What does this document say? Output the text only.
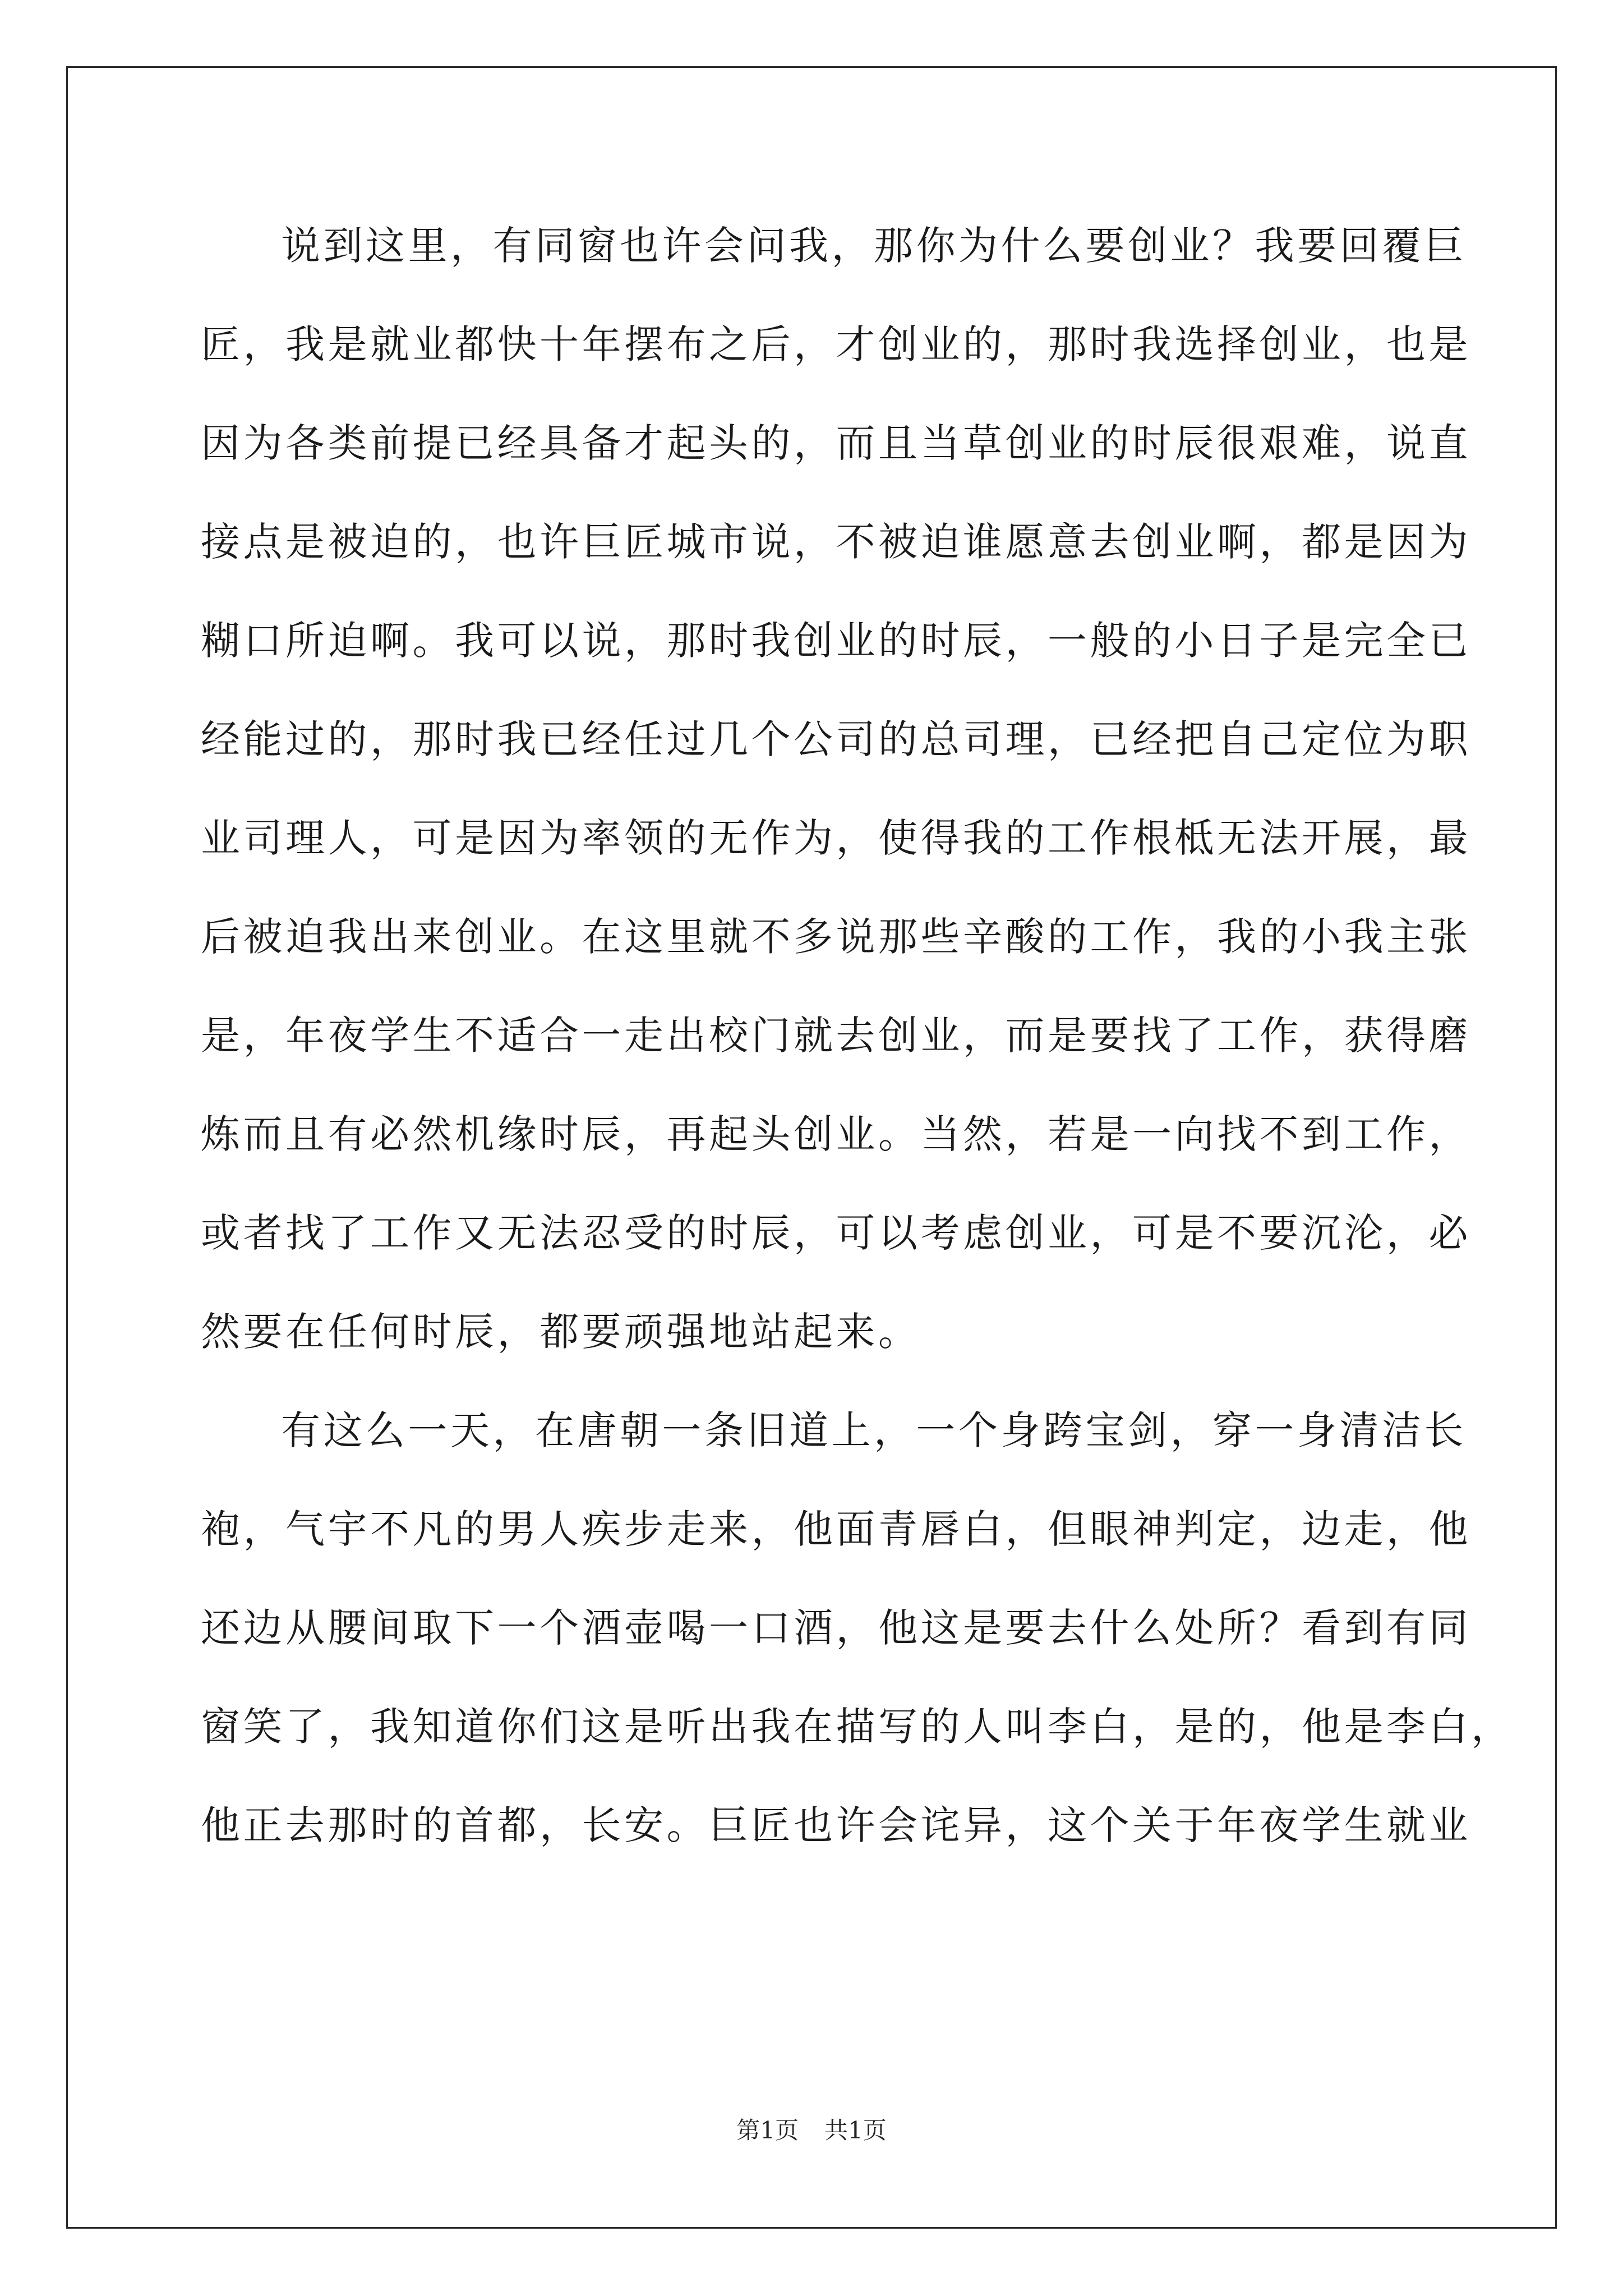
说到这里，有同窗也许会问我，那你为什么要创业？我要回覆巨
匠，我是就业都快十年摆布之后，才创业的，那时我选择创业，也是
因为各类前提已经具备才起头的，而且当草创业的时辰很艰难，说直
接点是被迫的，也许巨匠城市说，不被迫谁愿意去创业啊，都是因为
糊口所迫啊。我可以说，那时我创业的时辰，一般的小日子是完全已
经能过的，那时我已经任过几个公司的总司理，已经把自己定位为职
业司理人，可是因为率领的无作为，使得我的工作根柢无法开展，最
后被迫我出来创业。在这里就不多说那些辛酸的工作，我的小我主张
是，年夜学生不适合一走出校门就去创业，而是要找了工作，获得磨
炼而且有必然机缘时辰，再起头创业。当然，若是一向找不到工作，
或者找了工作又无法忍受的时辰，可以考虑创业，可是不要沉沦，必
然要在任何时辰，都要顽强地站起来。
有这么一天，在唐朝一条旧道上，一个身跨宝剑，穿一身清洁长
袍，气宇不凡的男人疾步走来，他面青唇白，但眼神判定，边走，他
还边从腰间取下一个酒壶喝一口酒，他这是要去什么处所？看到有同
窗笑了，我知道你们这是听出我在描写的人叫李白，是的，他是李白，
他正去那时的首都，长安。巨匠也许会诧异，这个关于年夜学生就业
第1页 共1页
